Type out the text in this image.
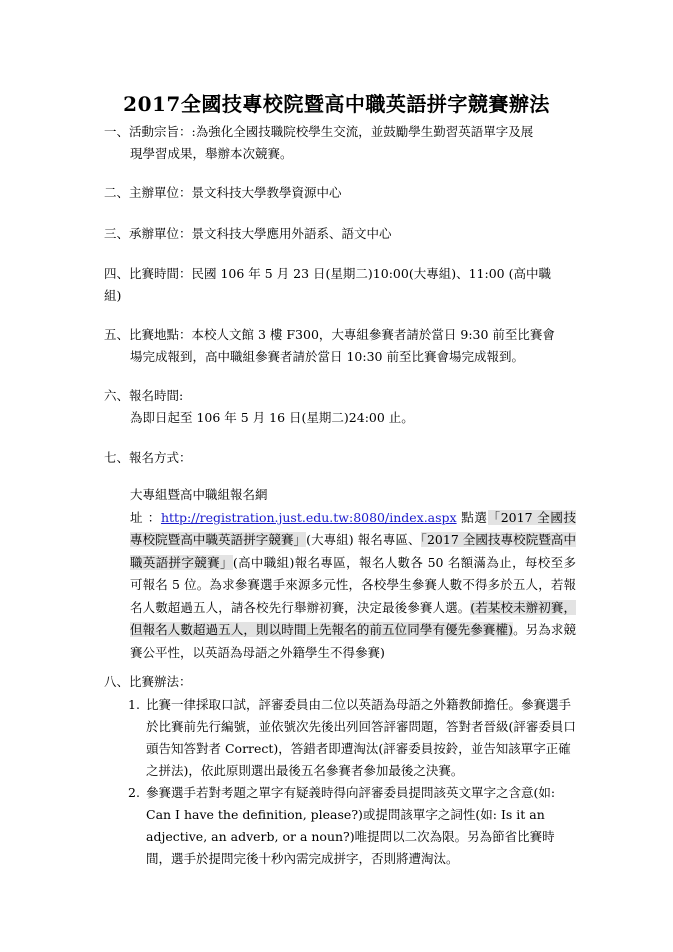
2017全國技專校院暨高中職英語拼字競賽辦法

一、活動宗旨：:為強化全國技職院校學生交流，並鼓勵學生勤習英語單字及展

現學習成果，舉辦本次競賽。

二、主辦單位：景文科技大學教學資源中心

三、承辦單位：景文科技大學應用外語系、語文中心

四、比賽時間：民國 106 年 5 月 23 日(星期二)10:00(大專組)、11:00 (高中職

組)

五、比賽地點：本校人文館 3 樓 F300，大專組參賽者請於當日 9:30 前至比賽會

場完成報到，高中職組參賽者請於當日 10:30 前至比賽會場完成報到。

六、報名時間:

為即日起至 106 年 5 月 16 日(星期二)24:00 止。

七、報名方式：

大專組暨高中職組報名網
址 ：http://registration.just.edu.tw:8080/index.aspx 點選「2017 全國技專校院暨高中職英語拼字競賽」(大專組) 報名專區、「2017 全國技專校院暨高中職英語拼字競賽」(高中職組)報名專區，報名人數各 50 名額滿為止，每校至多可報名 5 位。為求參賽選手來源多元性，各校學生參賽人數不得多於五人，若報名人數超過五人，請各校先行舉辦初賽，決定最後參賽人選。(若某校未辦初賽，但報名人數超過五人，則以時間上先報名的前五位同學有優先參賽權)。另為求競賽公平性，以英語為母語之外籍學生不得參賽)

八、比賽辦法：

1. 比賽一律採取口試，評審委員由二位以英語為母語之外籍教師擔任。參賽選手於比賽前先行編號，並依號次先後出列回答評審問題，答對者晉級(評審委員口頭告知答對者 Correct)，答錯者即遭淘汰(評審委員按鈴，並告知該單字正確之拼法)，依此原則選出最後五名參賽者參加最後之決賽。
2. 參賽選手若對考題之單字有疑義時得向評審委員提問該英文單字之含意(如: Can I have the definition, please?)或提問該單字之詞性(如: Is it an adjective, an adverb, or a noun?)唯提問以二次為限。另為節省比賽時間，選手於提問完後十秒內需完成拼字，否則將遭淘汰。
